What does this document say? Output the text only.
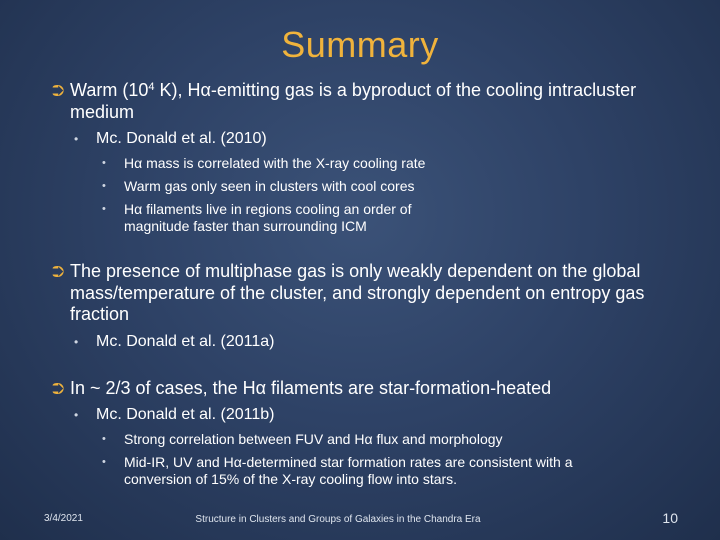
Summary
⮊ Warm ($10^4$ K), Hα-emitting gas is a byproduct of the cooling intracluster medium
• Mc. Donald et al. (2010)
• Hα mass is correlated with the X-ray cooling rate
• Warm gas only seen in clusters with cool cores
• Hα filaments live in regions cooling an order of magnitude faster than surrounding ICM
⮊ The presence of multiphase gas is only weakly dependent on the global mass/temperature of the cluster, and strongly dependent on entropy gas fraction
• Mc. Donald et al. (2011a)
⮊ In ~ 2/3 of cases, the Hα filaments are star-formation-heated
• Mc. Donald et al. (2011b)
• Strong correlation between FUV and Hα flux and morphology
• Mid-IR, UV and Hα-determined star formation rates are consistent with a conversion of 15% of the X-ray cooling flow into stars.
3/4/2021	Structure in Clusters and Groups of Galaxies in the Chandra Era	10
